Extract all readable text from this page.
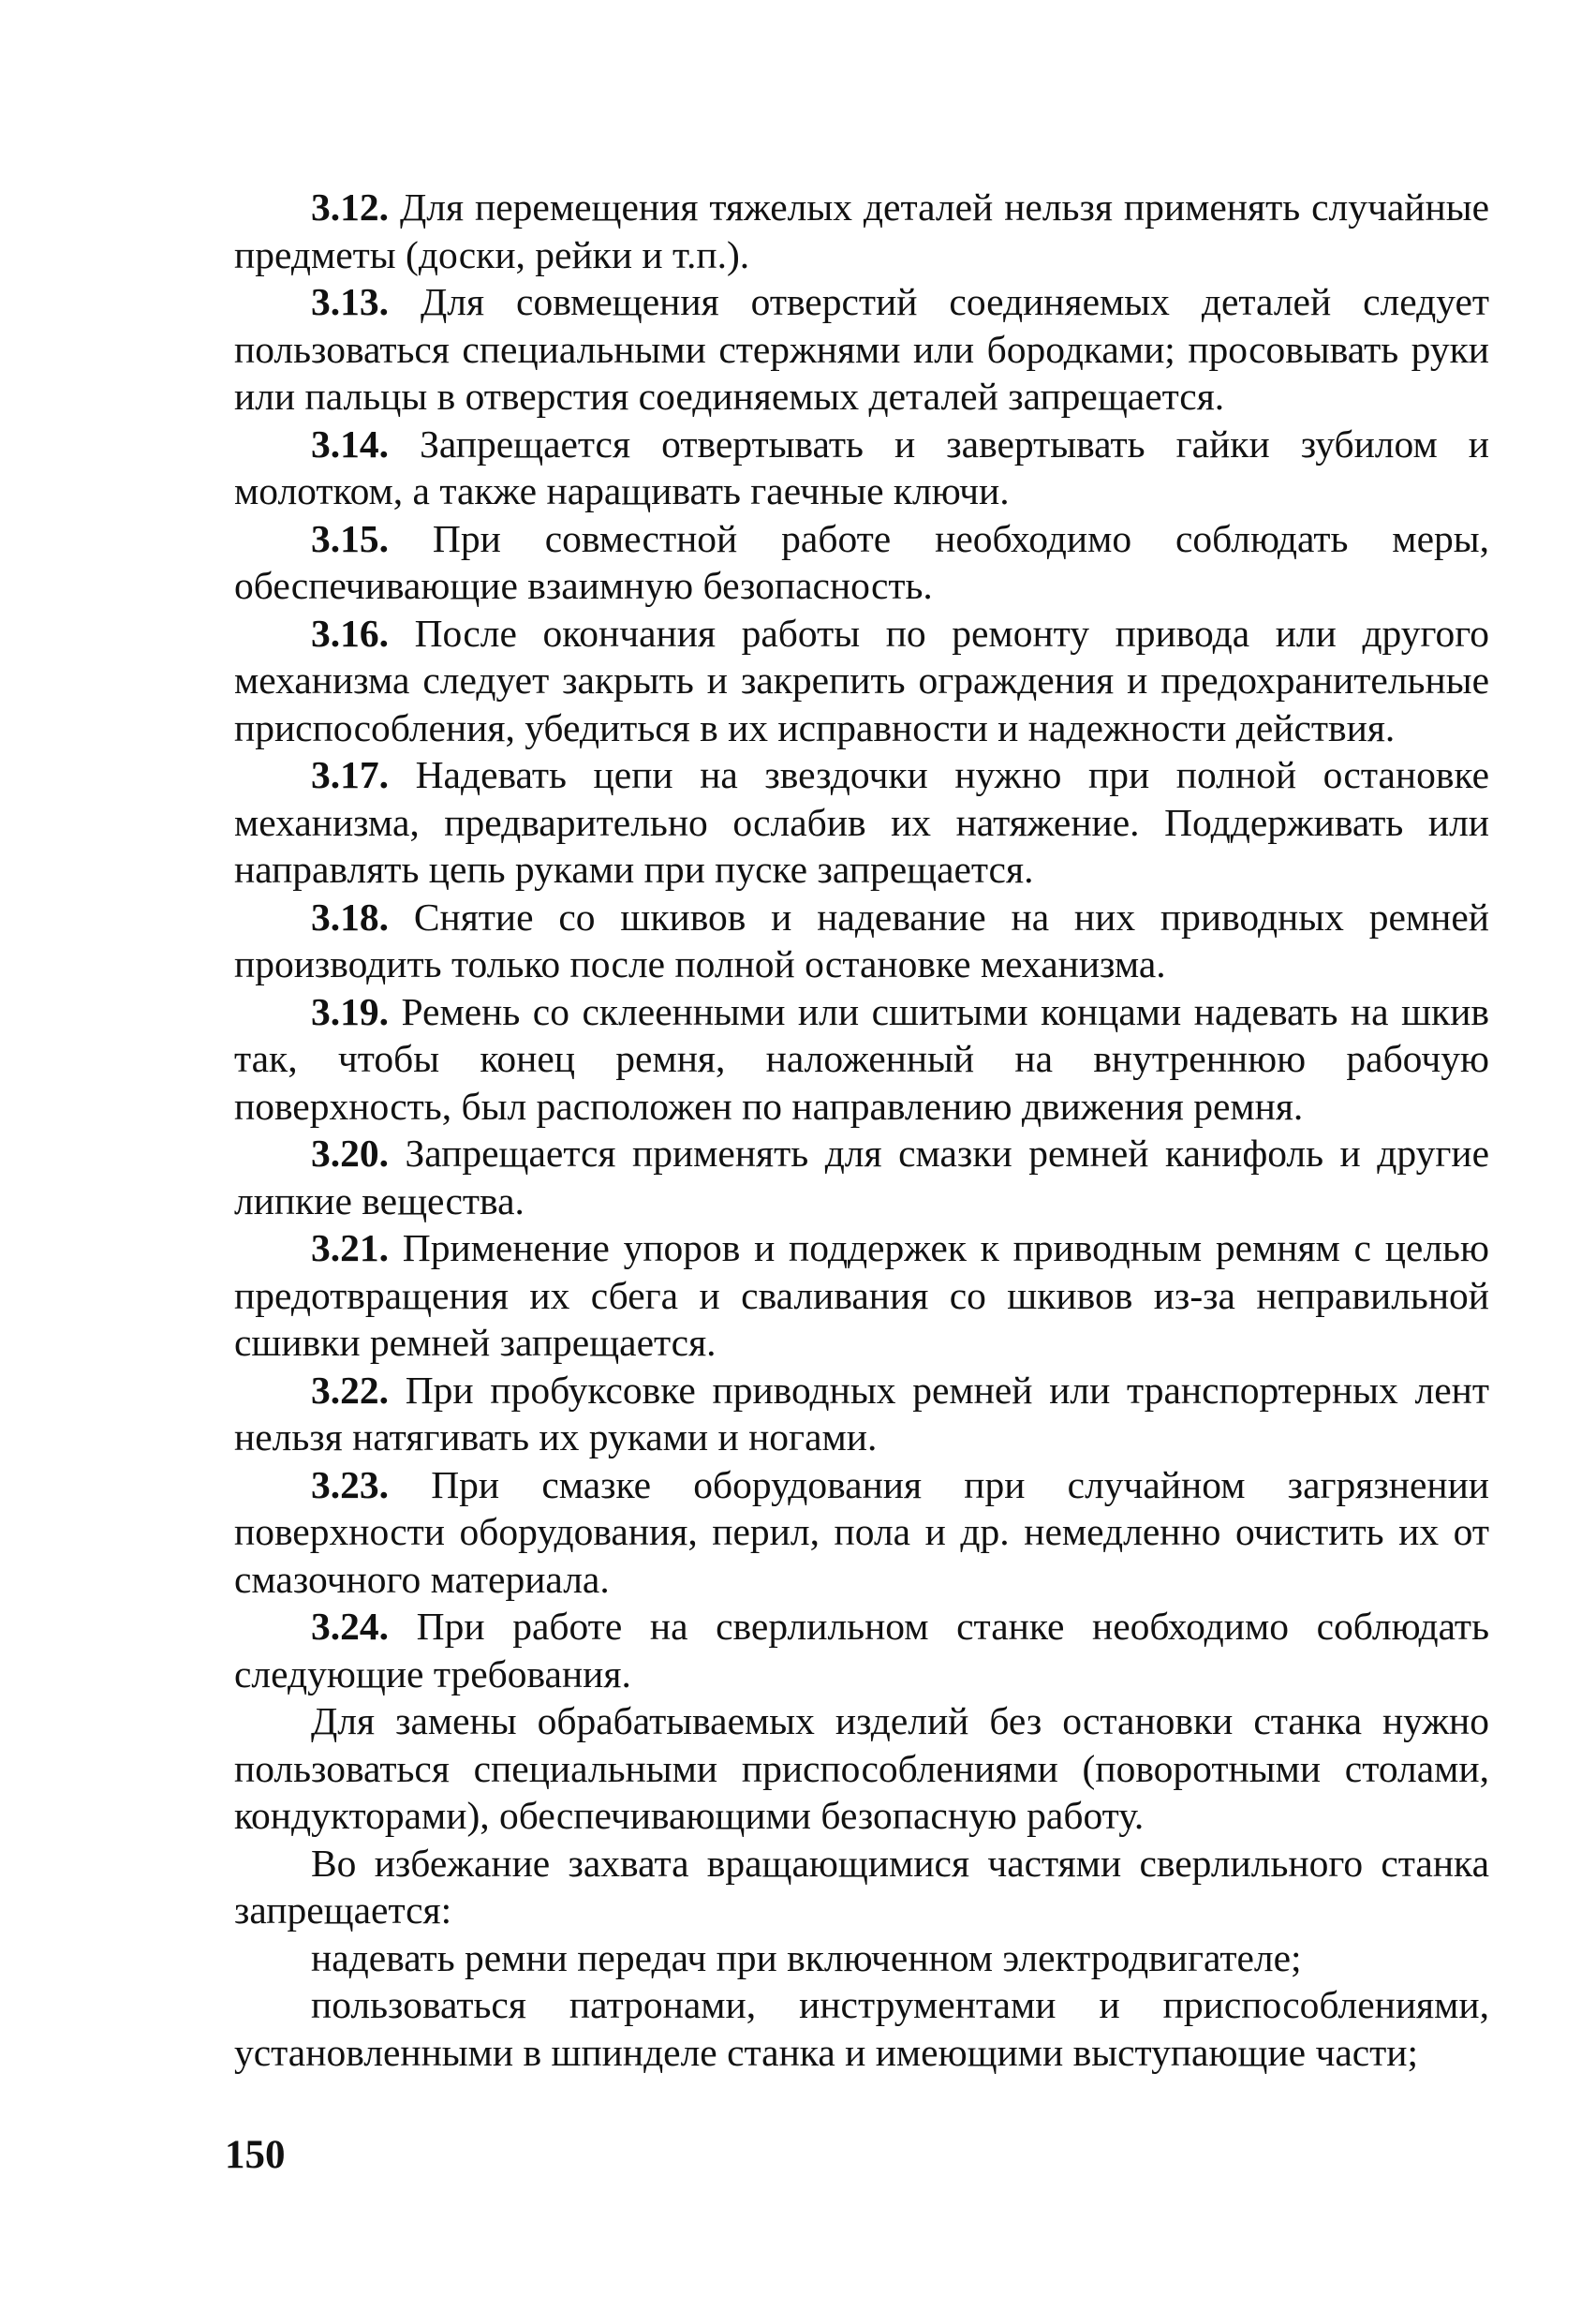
3.12. Для перемещения тяжелых деталей нельзя применять случайные предметы (доски, рейки и т.п.).

3.13. Для совмещения отверстий соединяемых деталей следует пользоваться специальными стержнями или бородками; просовывать руки или пальцы в отверстия соединяемых деталей запрещается.

3.14. Запрещается отвертывать и завертывать гайки зубилом и молотком, а также наращивать гаечные ключи.

3.15. При совместной работе необходимо соблюдать меры, обеспечивающие взаимную безопасность.

3.16. После окончания работы по ремонту привода или другого механизма следует закрыть и закрепить ограждения и предохранительные приспособления, убедиться в их исправности и надежности действия.

3.17. Надевать цепи на звездочки нужно при полной остановке механизма, предварительно ослабив их натяжение. Поддерживать или направлять цепь руками при пуске запрещается.

3.18. Снятие со шкивов и надевание на них приводных ремней производить только после полной остановке механизма.

3.19. Ремень со склеенными или сшитыми концами надевать на шкив так, чтобы конец ремня, наложенный на внутреннюю рабочую поверхность, был расположен по направлению движения ремня.

3.20. Запрещается применять для смазки ремней канифоль и другие липкие вещества.

3.21. Применение упоров и поддержек к приводным ремням с целью предотвращения их сбега и сваливания со шкивов из-за неправильной сшивки ремней запрещается.

3.22. При пробуксовке приводных ремней или транспортерных лент нельзя натягивать их руками и ногами.

3.23. При смазке оборудования при случайном загрязнении поверхности оборудования, перил, пола и др. немедленно очистить их от смазочного материала.

3.24. При работе на сверлильном станке необходимо соблюдать следующие требования.

Для замены обрабатываемых изделий без остановки станка нужно пользоваться специальными приспособлениями (поворотными столами, кондукторами), обеспечивающими безопасную работу.

Во избежание захвата вращающимися частями сверлильного станка запрещается:

надевать ремни передач при включенном электродвигателе;

пользоваться патронами, инструментами и приспособлениями, установленными в шпинделе станка и имеющими выступающие части;

150
